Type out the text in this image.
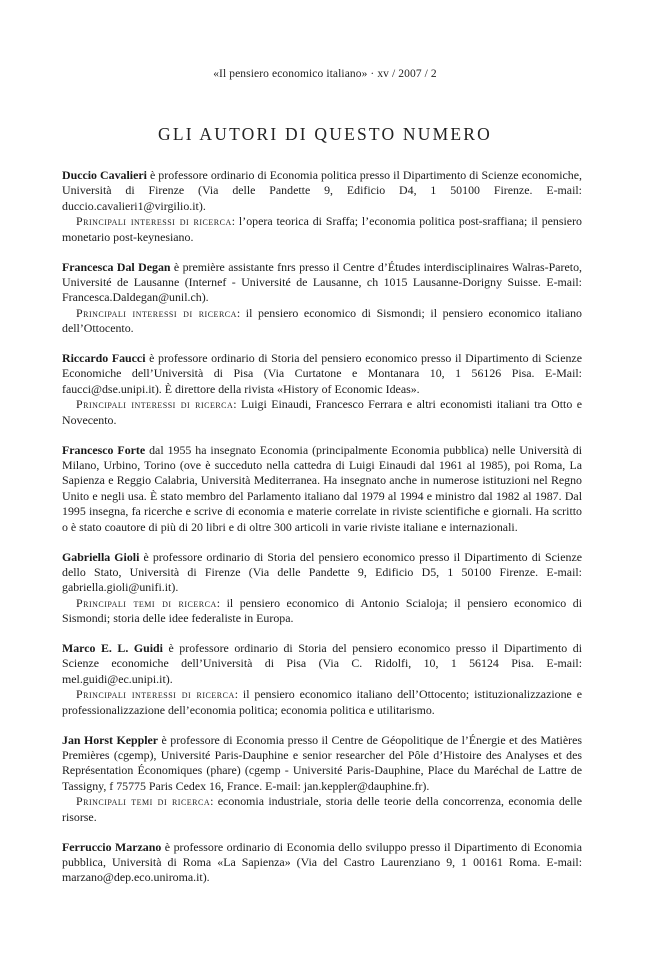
«Il pensiero economico italiano» · xv / 2007 / 2
GLI AUTORI DI QUESTO NUMERO

Duccio Cavalieri è professore ordinario di Economia politica presso il Dipartimento di Scienze economiche, Università di Firenze (Via delle Pandette 9, Edificio D4, 1 50100 Firenze. E-mail: duccio.cavalieri1@virgilio.it).

Principali interessi di ricerca: l’opera teorica di Sraffa; l’economia politica post-sraffiana; il pensiero monetario post-keynesiano.

Francesca Dal Degan è première assistante fnrs presso il Centre d’Études interdisciplinaires Walras-Pareto, Université de Lausanne (Internef - Université de Lausanne, ch 1015 Lausanne-Dorigny Suisse. E-mail: Francesca.Daldegan@unil.ch).

Principali interessi di ricerca: il pensiero economico di Sismondi; il pensiero economico italiano dell’Ottocento.

Riccardo Faucci è professore ordinario di Storia del pensiero economico presso il Dipartimento di Scienze Economiche dell’Università di Pisa (Via Curtatone e Montanara 10, 1 56126 Pisa. E-Mail: faucci@dse.unipi.it). È direttore della rivista «History of Economic Ideas».

Principali interessi di ricerca: Luigi Einaudi, Francesco Ferrara e altri economisti italiani tra Otto e Novecento.

Francesco Forte dal 1955 ha insegnato Economia (principalmente Economia pubblica) nelle Università di Milano, Urbino, Torino (ove è succeduto nella cattedra di Luigi Einaudi dal 1961 al 1985), poi Roma, La Sapienza e Reggio Calabria, Università Mediterranea. Ha insegnato anche in numerose istituzioni nel Regno Unito e negli usa. È stato membro del Parlamento italiano dal 1979 al 1994 e ministro dal 1982 al 1987. Dal 1995 insegna, fa ricerche e scrive di economia e materie correlate in riviste scientifiche e giornali. Ha scritto o è stato coautore di più di 20 libri e di oltre 300 articoli in varie riviste italiane e internazionali.

Gabriella Gioli è professore ordinario di Storia del pensiero economico presso il Dipartimento di Scienze dello Stato, Università di Firenze (Via delle Pandette 9, Edificio D5, 1 50100 Firenze. E-mail: gabriella.gioli@unifi.it).

Principali temi di ricerca: il pensiero economico di Antonio Scialoja; il pensiero economico di Sismondi; storia delle idee federaliste in Europa.

Marco E. L. Guidi è professore ordinario di Storia del pensiero economico presso il Dipartimento di Scienze economiche dell’Università di Pisa (Via C. Ridolfi, 10, 1 56124 Pisa. E-mail: mel.guidi@ec.unipi.it).

Principali interessi di ricerca: il pensiero economico italiano dell’Ottocento; istituzionalizzazione e professionalizzazione dell’economia politica; economia politica e utilitarismo.

Jan Horst Keppler è professore di Economia presso il Centre de Géopolitique de l’Énergie et des Matières Premières (cgemp), Université Paris-Dauphine e senior researcher del Pôle d’Histoire des Analyses et des Représentation Économiques (phare) (cgemp - Université Paris-Dauphine, Place du Maréchal de Lattre de Tassigny, f 75775 Paris Cedex 16, France. E-mail: jan.keppler@dauphine.fr).

Principali temi di ricerca: economia industriale, storia delle teorie della concorrenza, economia delle risorse.

Ferruccio Marzano è professore ordinario di Economia dello sviluppo presso il Dipartimento di Economia pubblica, Università di Roma «La Sapienza» (Via del Castro Laurenziano 9, 1 00161 Roma. E-mail: marzano@dep.eco.uniroma.it).
